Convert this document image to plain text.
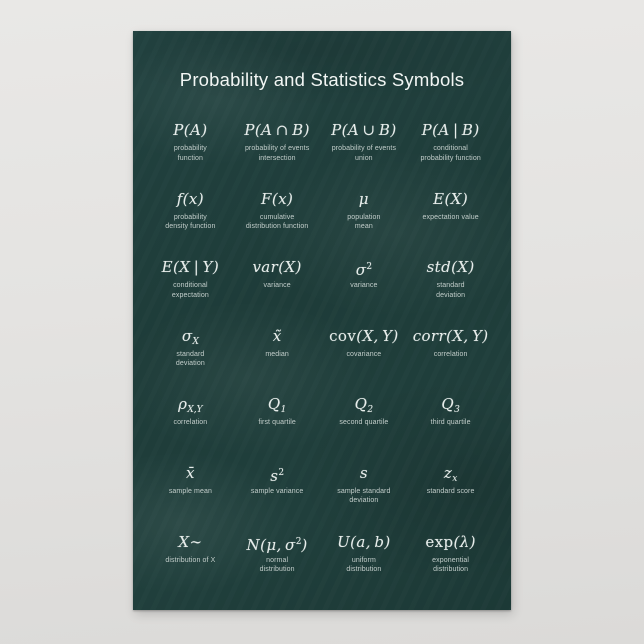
Probability and Statistics Symbols
P(A)
probability
function
P(A ∩ B)
probability of events
intersection
P(A ∪ B)
probability of events
union
P(A | B)
conditional
probability function
f(x)
probability
density function
F(x)
cumulative
distribution function
μ
population
mean
E(X)
expectation value
E(X | Y)
conditional
expectation
var(X)
variance
$\sigma^2$
variance
std(X)
standard
deviation
$\sigma_X$
standard
deviation
x̃
median
cov(X, Y)
covariance
corr(X, Y)
correlation
$\rho_{X,Y}$
correlation
$Q_1$
first quartile
$Q_2$
second quartile
$Q_3$
third quartile
x̄
sample mean
$s^2$
sample variance
s
sample standard
deviation
$z_x$
standard score
X∼
distribution of X
N(μ, $\sigma^2$)
normal
distribution
U(a, b)
uniform
distribution
exp(λ)
exponential
distribution
